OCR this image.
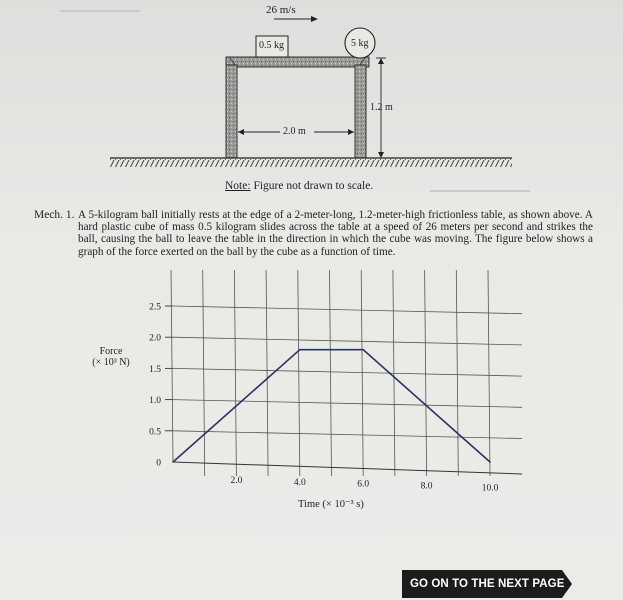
26 m/s
0.5 kg	5 kg
1.2 m
2.0 m
Note: Figure not drawn to scale.
Mech. 1. A 5-kilogram ball initially rests at the edge of a 2-meter-long, 1.2-meter-high frictionless table, as shown above. A hard plastic cube of mass 0.5 kilogram slides across the table at a speed of 26 meters per second and strikes the ball, causing the ball to leave the table in the direction in which the cube was moving. The figure below shows a graph of the force exerted on the ball by the cube as a function of time.
0
0.5
1.0
1.5
2.0
2.5
2.0	4.0	6.0	8.0	10.0
Force
(× 10³ N)
Time (× 10⁻³ s)
GO ON TO THE NEXT PAGE
